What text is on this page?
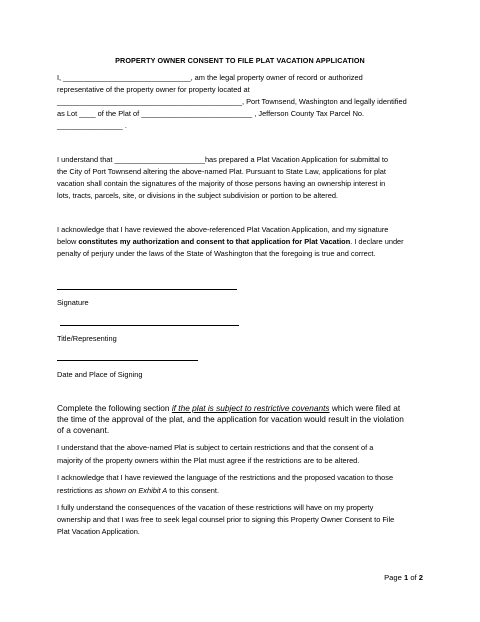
PROPERTY OWNER CONSENT TO FILE PLAT VACATION APPLICATION
I, _______________________________, am the legal property owner of record or authorized
representative of the property owner for property located at
_____________________________________________, Port Townsend, Washington and legally identified
as Lot ____ of the Plat of ___________________________ , Jefferson County Tax Parcel No.
________________ .
I understand that ______________________has prepared a Plat Vacation Application for submittal to
the City of Port Townsend altering the above-named Plat. Pursuant to State Law, applications for plat
vacation shall contain the signatures of the majority of those persons having an ownership interest in
lots, tracts, parcels, site, or divisions in the subject subdivision or portion to be altered.
I acknowledge that I have reviewed the above-referenced Plat Vacation Application, and my signature
below constitutes my authorization and consent to that application for Plat Vacation. I declare under
penalty of perjury under the laws of the State of Washington that the foregoing is true and correct.
Signature
Title/Representing
Date and Place of Signing
Complete the following section if the plat is subject to restrictive covenants which were filed at
the time of the approval of the plat, and the application for vacation would result in the violation
of a covenant.
I understand that the above-named Plat is subject to certain restrictions and that the consent of a
majority of the property owners within the Plat must agree if the restrictions are to be altered.
I acknowledge that I have reviewed the language of the restrictions and the proposed vacation to those
restrictions as shown on Exhibit A to this consent.
I fully understand the consequences of the vacation of these restrictions will have on my property
ownership and that I was free to seek legal counsel prior to signing this Property Owner Consent to File
Plat Vacation Application.
Page 1 of 2
